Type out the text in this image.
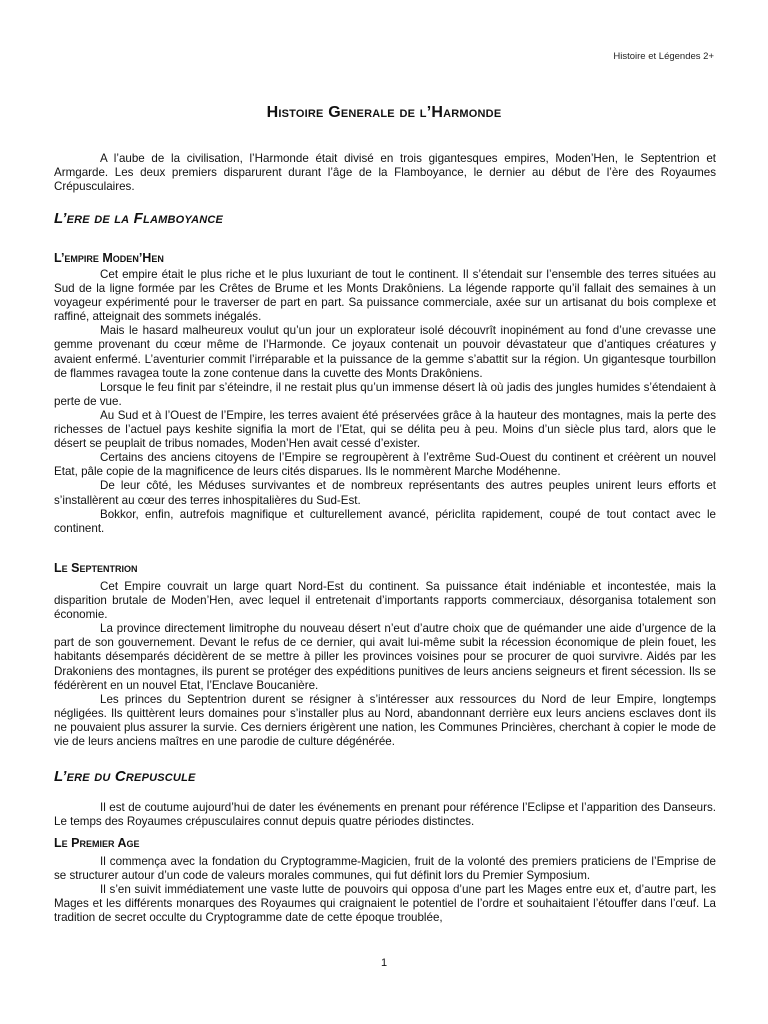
Histoire et Légendes 2+
Histoire Generale de l’Harmonde

A l’aube de la civilisation, l’Harmonde était divisé en trois gigantesques empires, Moden’Hen, le Septentrion et Armgarde. Les deux premiers disparurent durant l’âge de la Flamboyance, le dernier au début de l’ère des Royaumes Crépusculaires.

L’ere de la Flamboyance
L’empire Moden’Hen

Cet empire était le plus riche et le plus luxuriant de tout le continent. Il s’étendait sur l’ensemble des terres situées au Sud de la ligne formée par les Crêtes de Brume et les Monts Drakôniens. La légende rapporte qu’il fallait des semaines à un voyageur expérimenté pour le traverser de part en part. Sa puissance commerciale, axée sur un artisanat du bois complexe et raffiné, atteignait des sommets inégalés.

Mais le hasard malheureux voulut qu’un jour un explorateur isolé découvrît inopinément au fond d’une crevasse une gemme provenant du cœur même de l’Harmonde. Ce joyaux contenait un pouvoir dévastateur que d’antiques créatures y avaient enfermé. L’aventurier commit l’irréparable et la puissance de la gemme s’abattit sur la région. Un gigantesque tourbillon de flammes ravagea toute la zone contenue dans la cuvette des Monts Drakôniens.

Lorsque le feu finit par s’éteindre, il ne restait plus qu’un immense désert là où jadis des jungles humides s’étendaient à perte de vue.

Au Sud et à l’Ouest de l’Empire, les terres avaient été préservées grâce à la hauteur des montagnes, mais la perte des richesses de l’actuel pays keshite signifia la mort de l’Etat, qui se délita peu à peu. Moins d’un siècle plus tard, alors que le désert se peuplait de tribus nomades, Moden’Hen avait cessé d’exister.

Certains des anciens citoyens de l’Empire se regroupèrent à l’extrême Sud-Ouest du continent et créèrent un nouvel Etat, pâle copie de la magnificence de leurs cités disparues. Ils le nommèrent Marche Modéhenne.

De leur côté, les Méduses survivantes et de nombreux représentants des autres peuples unirent leurs efforts et s’installèrent au cœur des terres inhospitalières du Sud-Est.

Bokkor, enfin, autrefois magnifique et culturellement avancé, périclita rapidement, coupé de tout contact avec le continent.

Le Septentrion

Cet Empire couvrait un large quart Nord-Est du continent. Sa puissance était indéniable et incontestée, mais la disparition brutale de Moden’Hen, avec lequel il entretenait d’importants rapports commerciaux, désorganisa totalement son économie.

La province directement limitrophe du nouveau désert n’eut d’autre choix que de quémander une aide d’urgence de la part de son gouvernement. Devant le refus de ce dernier, qui avait lui-même subit la récession économique de plein fouet, les habitants désemparés décidèrent de se mettre à piller les provinces voisines pour se procurer de quoi survivre. Aidés par les Drakoniens des montagnes, ils purent se protéger des expéditions punitives de leurs anciens seigneurs et firent sécession. Ils se fédérèrent en un nouvel Etat, l’Enclave Boucanière.

Les princes du Septentrion durent se résigner à s’intéresser aux ressources du Nord de leur Empire, longtemps négligées. Ils quittèrent leurs domaines pour s’installer plus au Nord, abandonnant derrière eux leurs anciens esclaves dont ils ne pouvaient plus assurer la survie. Ces derniers érigèrent une nation, les Communes Princières, cherchant à copier le mode de vie de leurs anciens maîtres en une parodie de culture dégénérée.

L’ere du Crepuscule

Il est de coutume aujourd’hui de dater les événements en prenant pour référence l’Eclipse et l’apparition des Danseurs. Le temps des Royaumes crépusculaires connut depuis quatre périodes distinctes.

Le Premier Age

Il commença avec la fondation du Cryptogramme-Magicien, fruit de la volonté des premiers praticiens de l’Emprise de se structurer autour d’un code de valeurs morales communes, qui fut définit lors du Premier Symposium.

Il s’en suivit immédiatement une vaste lutte de pouvoirs qui opposa d’une part les Mages entre eux et, d’autre part, les Mages et les différents monarques des Royaumes qui craignaient le potentiel de l’ordre et souhaitaient l’étouffer dans l’œuf. La tradition de secret occulte du Cryptogramme date de cette époque troublée,

1
